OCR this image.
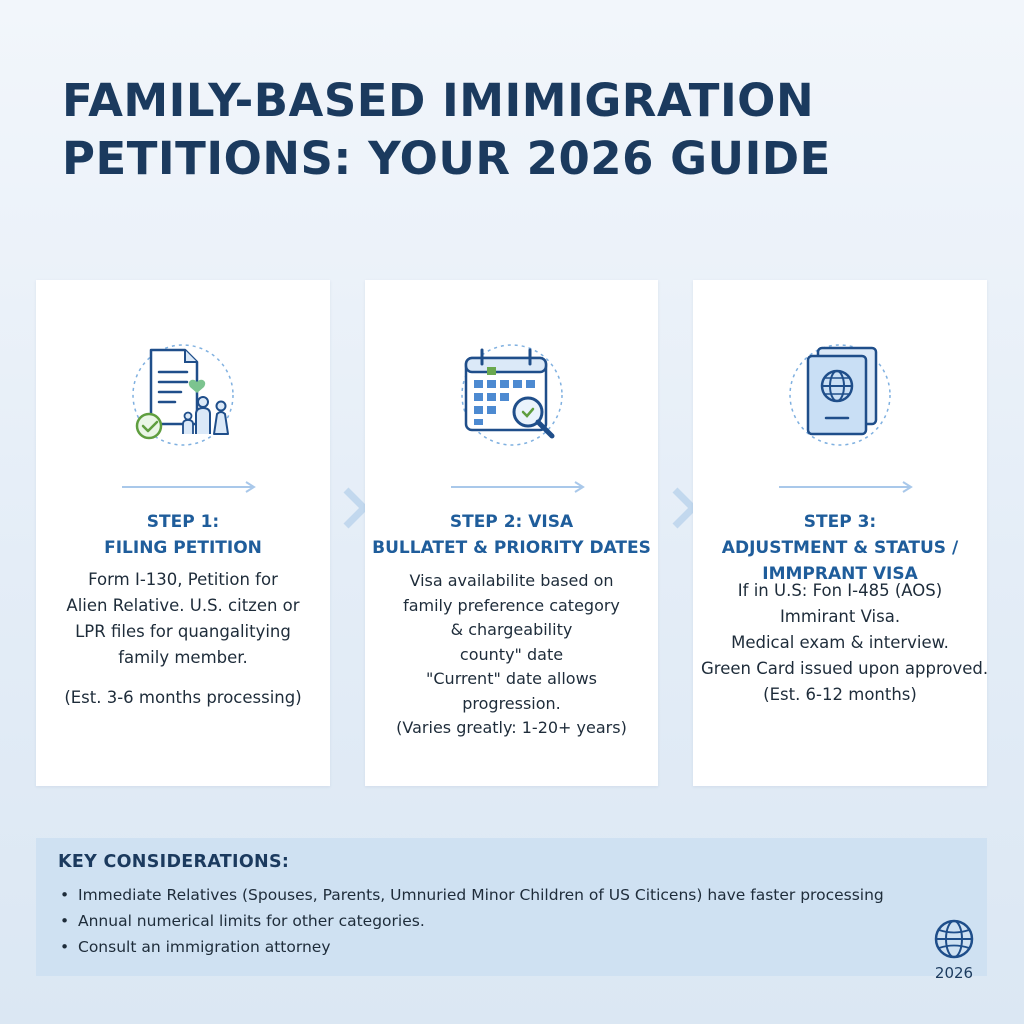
FAMILY-BASED IMIMIGRATION
PETITIONS: YOUR 2026 GUIDE
STEP 1:
FILING PETITION
Form I-130, Petition for
Alien Relative. U.S. citzen or
LPR files for quangalitying
family member.
(Est. 3-6 months processing)
STEP 2: VISA
BULLATET & PRIORITY DATES
Visa availabilite based on
family preference category
& chargeability
county" date
"Current" date allows
progression.
(Varies greatly: 1-20+ years)
STEP 3:
ADJUSTMENT & STATUS /
IMMPRANT VISA
If in U.S: Fon I-485 (AOS)
Immirant Visa.
Medical exam & interview.
Green Card issued upon approved.
(Est. 6-12 months)
KEY CONSIDERATIONS:
• Immediate Relatives (Spouses, Parents, Umnuried Minor Children of US Citicens) have faster processing
• Annual numerical limits for other categories.
• Consult an immigration attorney
2026
